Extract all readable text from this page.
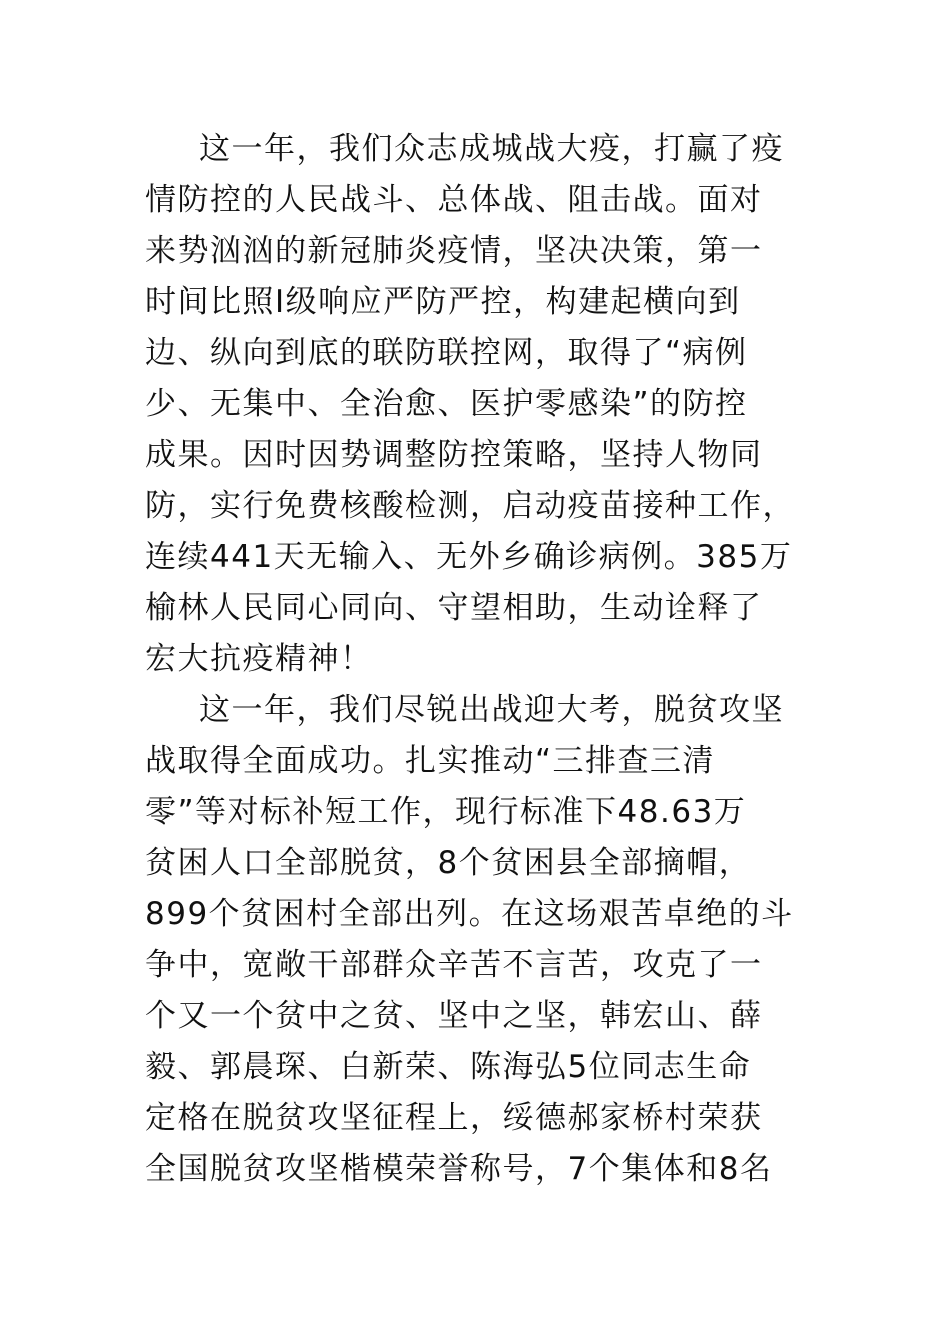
这一年，我们众志成城战大疫，打赢了疫
情防控的人民战斗、总体战、阻击战。面对
来势汹汹的新冠肺炎疫情，坚决决策，第一
时间比照Ⅰ级响应严防严控，构建起横向到
边、纵向到底的联防联控网，取得了“病例
少、无集中、全治愈、医护零感染”的防控
成果。因时因势调整防控策略，坚持人物同
防，实行免费核酸检测，启动疫苗接种工作，
连续441天无输入、无外乡确诊病例。385万
榆林人民同心同向、守望相助，生动诠释了
宏大抗疫精神！
这一年，我们尽锐出战迎大考，脱贫攻坚
战取得全面成功。扎实推动“三排查三清
零”等对标补短工作，现行标准下48.63万
贫困人口全部脱贫，8个贫困县全部摘帽，
899个贫困村全部出列。在这场艰苦卓绝的斗
争中，宽敞干部群众辛苦不言苦，攻克了一
个又一个贫中之贫、坚中之坚，韩宏山、薛
毅、郭晨琛、白新荣、陈海弘5位同志生命
定格在脱贫攻坚征程上，绥德郝家桥村荣获
全国脱贫攻坚楷模荣誉称号，7个集体和8名
